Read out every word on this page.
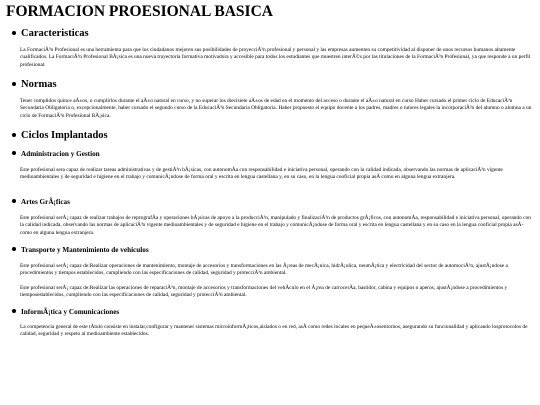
FORMACION PROESIONAL BASICA
Caracteristicas

La FormaciÃ³n Profesional es una herramienta para que los ciudadanos mejoren sus posibilidades de proyecciÃ³n profesional y personal y las empresas aumenten su competitividad al disponer de unos recursos humanos altamente cualificados. La FormaciÃ³n Profesional BÃ¡sica es una nueva trayectoria formativa motivadora y accesible para todos los estudiantes que muestren interÃ©s por las titulaciones de la FormaciÃ³n Profesional, ya que responde a un perfil profesional.

Normas

Tener cumplidos quince aÃ±os, o cumplirlos durante el aÃ±o natural en curso, y no superar los diecisiete aÃ±os de edad en el momento del acceso o durante el aÃ±o natural en curso Haber cursado el primer ciclo de EducaciÃ³n Secundaria Obligatoria o, excepcionalmente, haber cursado el segundo curso de la EducaciÃ³n Secundaria Obligatoria. Haber propuesto el equipo docente a los padres, madres o tutores legales la incorporaciÃ³n del alumno o alumna a un ciclo de FormaciÃ³n Profesional BÃ¡sica.

Ciclos Implantados
Administracion y Gestion

Este profesional sera capaz de realizar tareas administrativas y de gestiÃ³n bÃ¡sicas, con autonomÃa con responsabilidad e iniciativa personal, operando con la calidad indicada, observando las normas de aplicaciÃ³n vigente medioambientales y de seguridad e higiene en el trabajo y comunicÃ¡ndose de forma oral y escrita en lengua castellana y, en su caso, en la lengua cooficial propia asÃ como en alguna lengua extranjera.

Artes GrÃ¡ficas

Este profesional serÃ¡ capaz de realizar trabajos de reprografÃa y operaciones bÃ¡sicas de apoyo a la producciÃ³n, manipulado y finalizaciÃ³n de productos grÃ¡ficos, con autonomÃa, responsabilidad e iniciativa personal, operando con la calidad indicada, observando las normas de aplicaciÃ³n vigente medioambientales y de seguridad e higiene en el trabajo y comunicÃ¡ndose de forma oral y escrita en lengua castellana y en su caso en la lengua cooficial propia asÃ como en alguna lengua extranjera.

Transporte y Mantenimiento de vehiculos

Este profesional serÃ¡ capaz de:Realizar operaciones de mantenimiento, montaje de accesorios y transformaciones en las Ã¡reas de mecÃ¡nica, hidrÃ¡ulica, neumÃ¡tica y electricidad del sector de automociÃ³n, ajustÃ¡ndose a procedimientos y tiempos establecidos, cumpliendo con las especificaciones de calidad, seguridad y protecciÃ³n ambiental.

Este profesional serÃ¡ capaz de:Realizar las operaciones de reparaciÃ³n, montaje de accesorios y transformaciones del vehÃculo en el Ã¡rea de carrocerÃa, bastidor, cabina y equipos o aperos, ajustÃ¡ndose a procedimientos y tiemposestablecidos, cumpliendo con las especificaciones de calidad, seguridad y protecciÃ³n ambiental.

InformÃ¡tica y Comunicaciones

La competencia general de este tÃtulo consiste en instalar,configurar y mantener sistemas microinformÃ¡ticos,aislados o en red, asÃ como redes locales en pequeÃ±osentornos, asegurando su funcionalidad y aplicando losprotocolos de calidad, seguridad y respeto al medioambiente establecidos.
